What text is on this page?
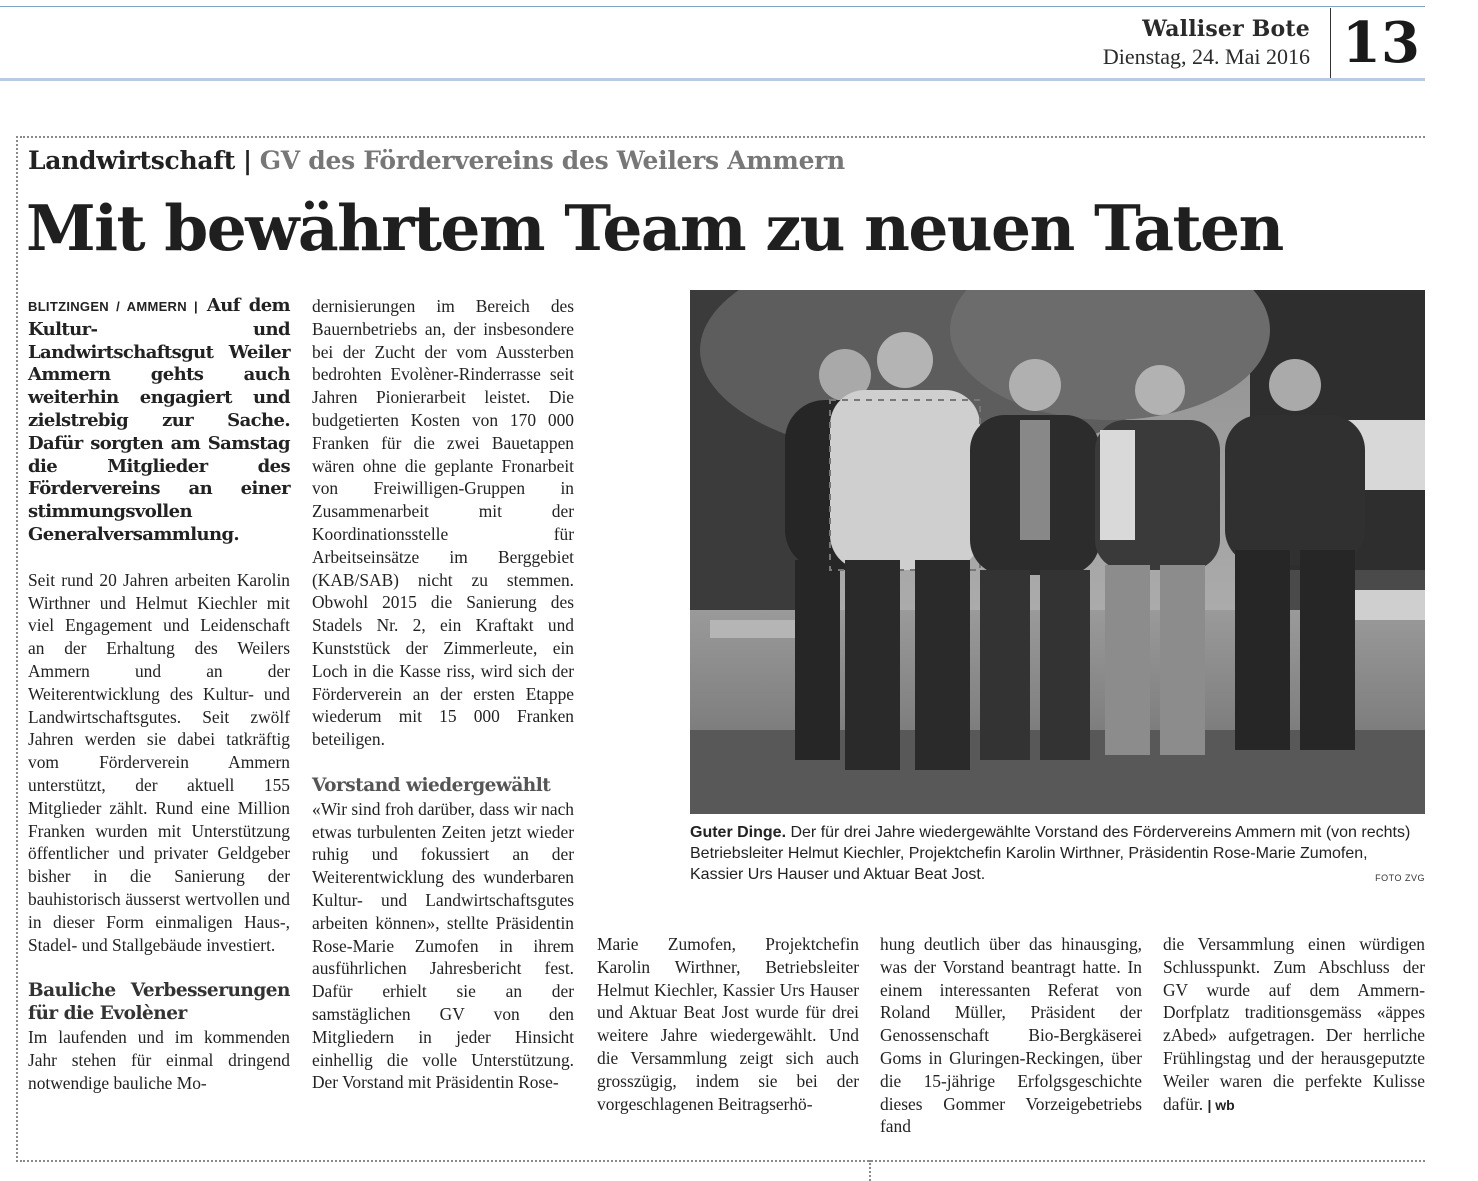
Walliser Bote
Dienstag, 24. Mai 2016 13
Landwirtschaft | GV des Fördervereins des Weilers Ammern
Mit bewährtem Team zu neuen Taten

BLITZINGEN / AMMERN | Auf dem Kultur- und Landwirtschaftsgut Weiler Ammern gehts auch weiterhin engagiert und zielstrebig zur Sache. Dafür sorgten am Samstag die Mitglieder des Fördervereins an einer stimmungsvollen Generalversammlung.

Seit rund 20 Jahren arbeiten Karolin Wirthner und Helmut Kiechler mit viel Engagement und Leidenschaft an der Erhaltung des Weilers Ammern und an der Weiterentwicklung des Kultur- und Landwirtschaftsgutes. Seit zwölf Jahren werden sie dabei tatkräftig vom Förderverein Ammern unterstützt, der aktuell 155 Mitglieder zählt. Rund eine Million Franken wurden mit Unterstützung öffentlicher und privater Geldgeber bisher in die Sanierung der bauhistorisch äusserst wertvollen und in dieser Form einmaligen Haus-, Stadel- und Stallgebäude investiert.

Bauliche Verbesserungen für die Evolèner

Im laufenden und im kommenden Jahr stehen für einmal dringend notwendige bauliche Mo-

dernisierungen im Bereich des Bauernbetriebs an, der insbesondere bei der Zucht der vom Aussterben bedrohten Evolèner-Rinderrasse seit Jahren Pionierarbeit leistet. Die budgetierten Kosten von 170 000 Franken für die zwei Bauetappen wären ohne die geplante Fronarbeit von Freiwilligen-Gruppen in Zusammenarbeit mit der Koordinationsstelle für Arbeitseinsätze im Berggebiet (KAB/SAB) nicht zu stemmen. Obwohl 2015 die Sanierung des Stadels Nr. 2, ein Kraftakt und Kunststück der Zimmerleute, ein Loch in die Kasse riss, wird sich der Förderverein an der ersten Etappe wiederum mit 15 000 Franken beteiligen.

Vorstand wiedergewählt

«Wir sind froh darüber, dass wir nach etwas turbulenten Zeiten jetzt wieder ruhig und fokussiert an der Weiterentwicklung des wunderbaren Kultur- und Landwirtschaftsgutes arbeiten können», stellte Präsidentin Rose-Marie Zumofen in ihrem ausführlichen Jahresbericht fest. Dafür erhielt sie an der samstäglichen GV von den Mitgliedern in jeder Hinsicht einhellig die volle Unterstützung. Der Vorstand mit Präsidentin Rose-

Guter Dinge. Der für drei Jahre wiedergewählte Vorstand des Fördervereins Ammern mit (von rechts) Betriebsleiter Helmut Kiechler, Projektchefin Karolin Wirthner, Präsidentin Rose-Marie Zumofen, Kassier Urs Hauser und Aktuar Beat Jost.	FOTO ZVG

Marie Zumofen, Projektchefin Karolin Wirthner, Betriebsleiter Helmut Kiechler, Kassier Urs Hauser und Aktuar Beat Jost wurde für drei weitere Jahre wiedergewählt. Und die Versammlung zeigt sich auch grosszügig, indem sie bei der vorgeschlagenen Beitragserhö-

hung deutlich über das hinausging, was der Vorstand beantragt hatte. In einem interessanten Referat von Roland Müller, Präsident der Genossenschaft Bio-Bergkäserei Goms in Gluringen-Reckingen, über die 15-jährige Erfolgsgeschichte dieses Gommer Vorzeigebetriebs fand

die Versammlung einen würdigen Schlusspunkt. Zum Abschluss der GV wurde auf dem Ammern-Dorfplatz traditionsgemäss «äppes zAbed» aufgetragen. Der herrliche Frühlingstag und der herausgeputzte Weiler waren die perfekte Kulisse dafür. | wb
